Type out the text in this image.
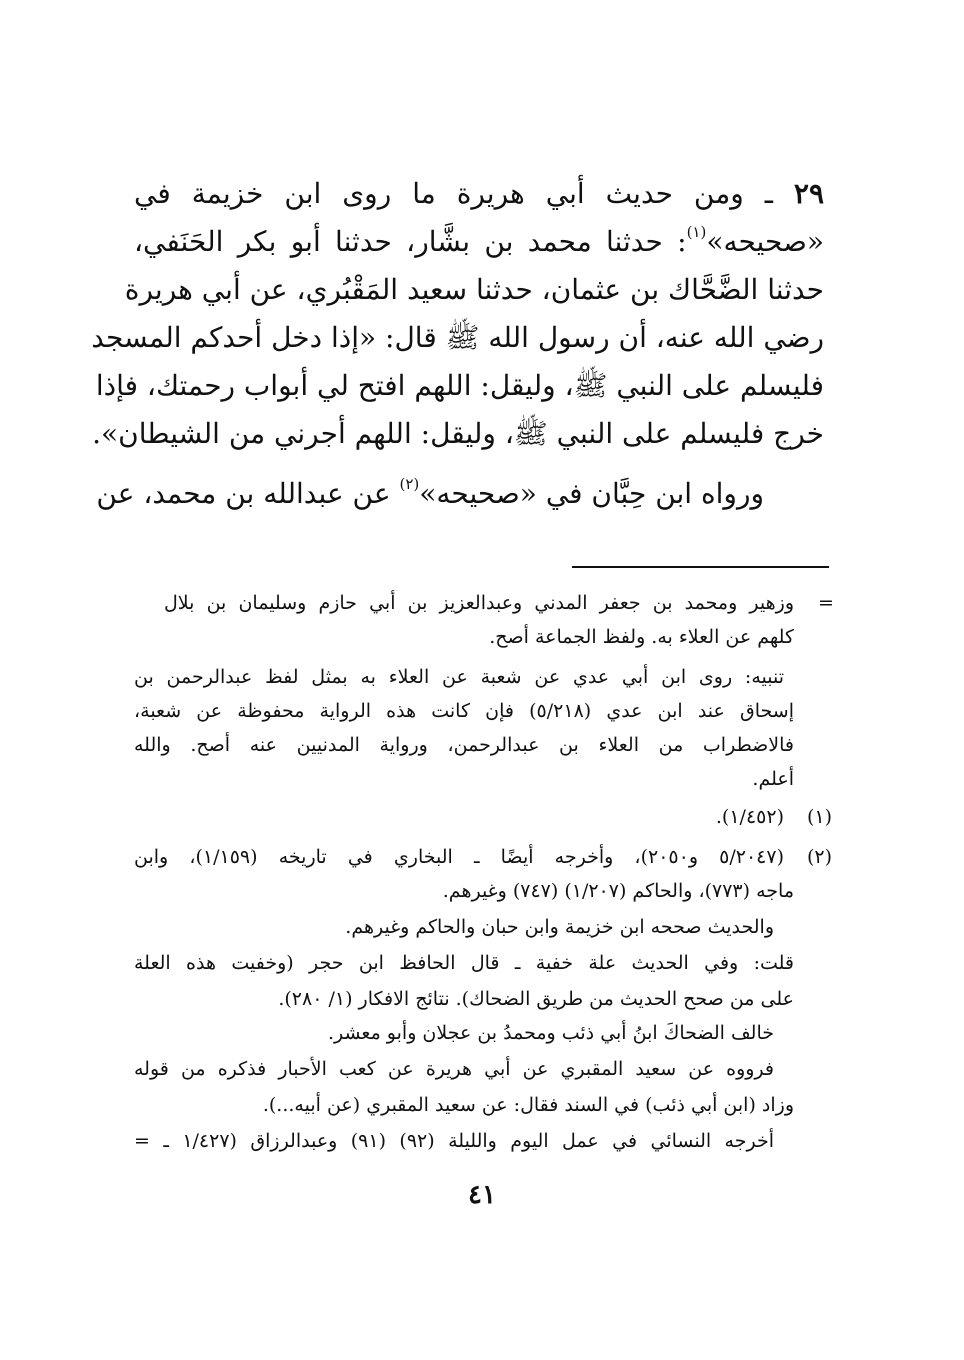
٢٩ ـ ومن حديث أبي هريرة ما روى ابن خزيمة في
«صحيحه»$^{(١)}$: حدثنا محمد بن بشَّار، حدثنا أبو بكر الحَنَفي،
حدثنا الضَّحَّاك بن عثمان، حدثنا سعيد المَقْبُري، عن أبي هريرة
رضي الله عنه، أن رسول الله ﷺ قال: «إذا دخل أحدكم المسجد
فليسلم على النبي ﷺ، وليقل: اللهم افتح لي أبواب رحمتك، فإذا
خرج فليسلم على النبي ﷺ، وليقل: اللهم أجرني من الشيطان».
ورواه ابن حِبَّان في «صحيحه»$^{(٢)}$ عن عبدالله بن محمد، عن
=
وزهير ومحمد بن جعفر المدني وعبدالعزيز بن أبي حازم وسليمان بن بلال
كلهم عن العلاء به. ولفظ الجماعة أصح.
تنبيه: روى ابن أبي عدي عن شعبة عن العلاء به بمثل لفظ عبدالرحمن بن
إسحاق عند ابن عدي (٥/٢١٨) فإن كانت هذه الرواية محفوظة عن شعبة،
فالاضطراب من العلاء بن عبدالرحمن، ورواية المدنيين عنه أصح. والله
أعلم.
(١)
(١/٤٥٢).
(٢)
(٥/٢٠٤٧ و٢٠٥٠)، وأخرجه أيضًا ـ البخاري في تاريخه (١/١٥٩)، وابن
ماجه (٧٧٣)، والحاكم (١/٢٠٧) (٧٤٧) وغيرهم.
والحديث صححه ابن خزيمة وابن حبان والحاكم وغيرهم.
قلت: وفي الحديث علة خفية ـ قال الحافظ ابن حجر (وخفيت هذه العلة
على من صحح الحديث من طريق الضحاك). نتائج الافكار (١/ ٢٨٠).
خالف الضحاكَ ابنُ أبي ذئب ومحمدُ بن عجلان وأبو معشر.
فرووه عن سعيد المقبري عن أبي هريرة عن كعب الأحبار فذكره من قوله
وزاد (ابن أبي ذئب) في السند فقال: عن سعيد المقبري (عن أبيه...).
أخرجه النسائي في عمل اليوم والليلة (٩٢) (٩١) وعبدالرزاق (١/٤٢٧ ـ =
٤١
